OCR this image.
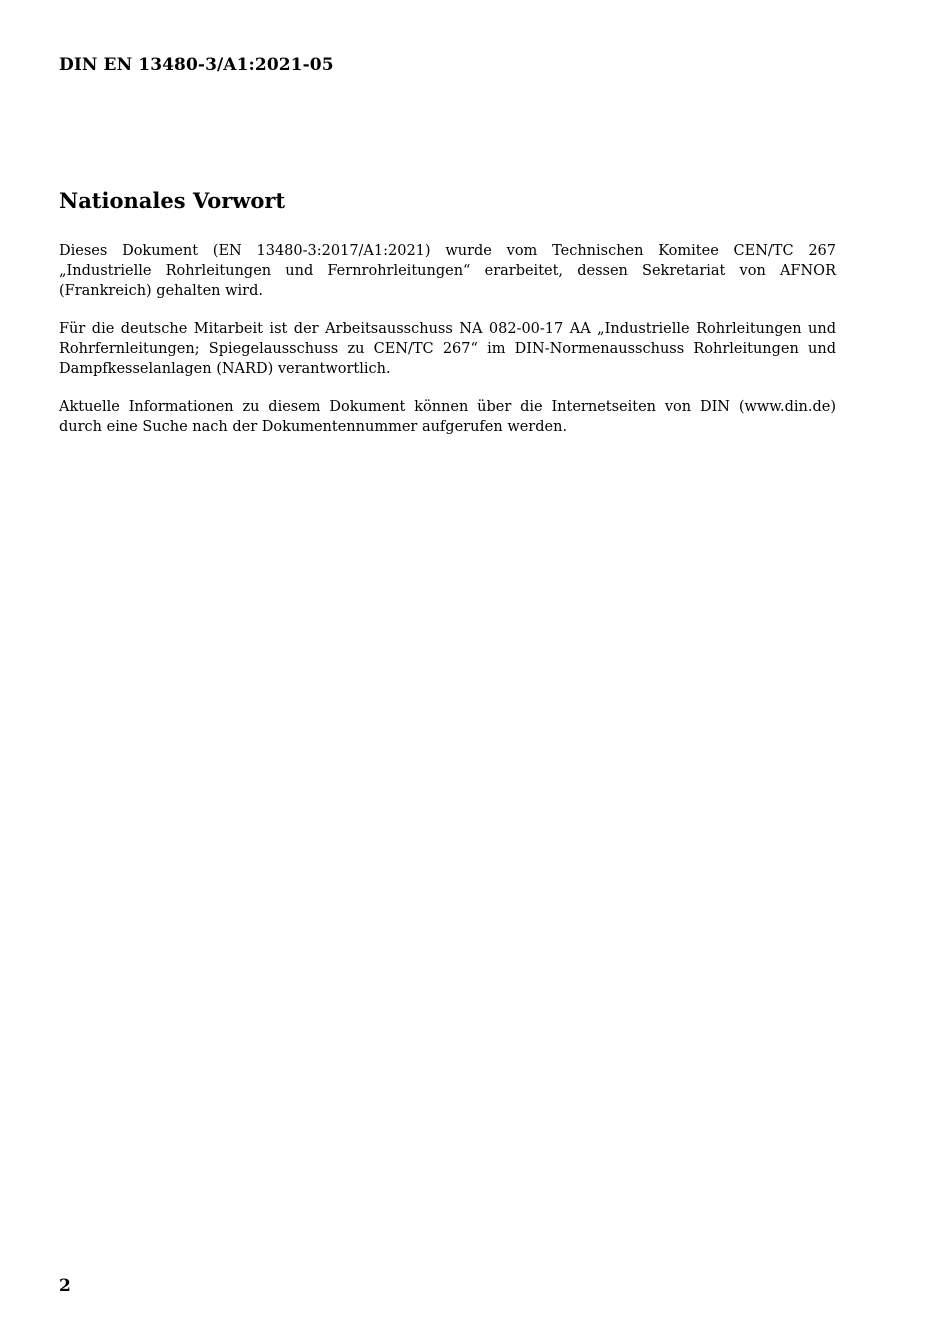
DIN EN 13480-3/A1:2021-05
Nationales Vorwort

Dieses Dokument (EN 13480-3:2017/A1:2021) wurde vom Technischen Komitee CEN/TC 267 „Industrielle Rohrleitungen und Fernrohrleitungen“ erarbeitet, dessen Sekretariat von AFNOR (Frankreich) gehalten wird.

Für die deutsche Mitarbeit ist der Arbeitsausschuss NA 082-00-17 AA „Industrielle Rohrleitungen und Rohrfernleitungen; Spiegelausschuss zu CEN/TC 267“ im DIN-Normenausschuss Rohrleitungen und Dampfkesselanlagen (NARD) verantwortlich.

Aktuelle Informationen zu diesem Dokument können über die Internetseiten von DIN (www.din.de) durch eine Suche nach der Dokumentennummer aufgerufen werden.

2
